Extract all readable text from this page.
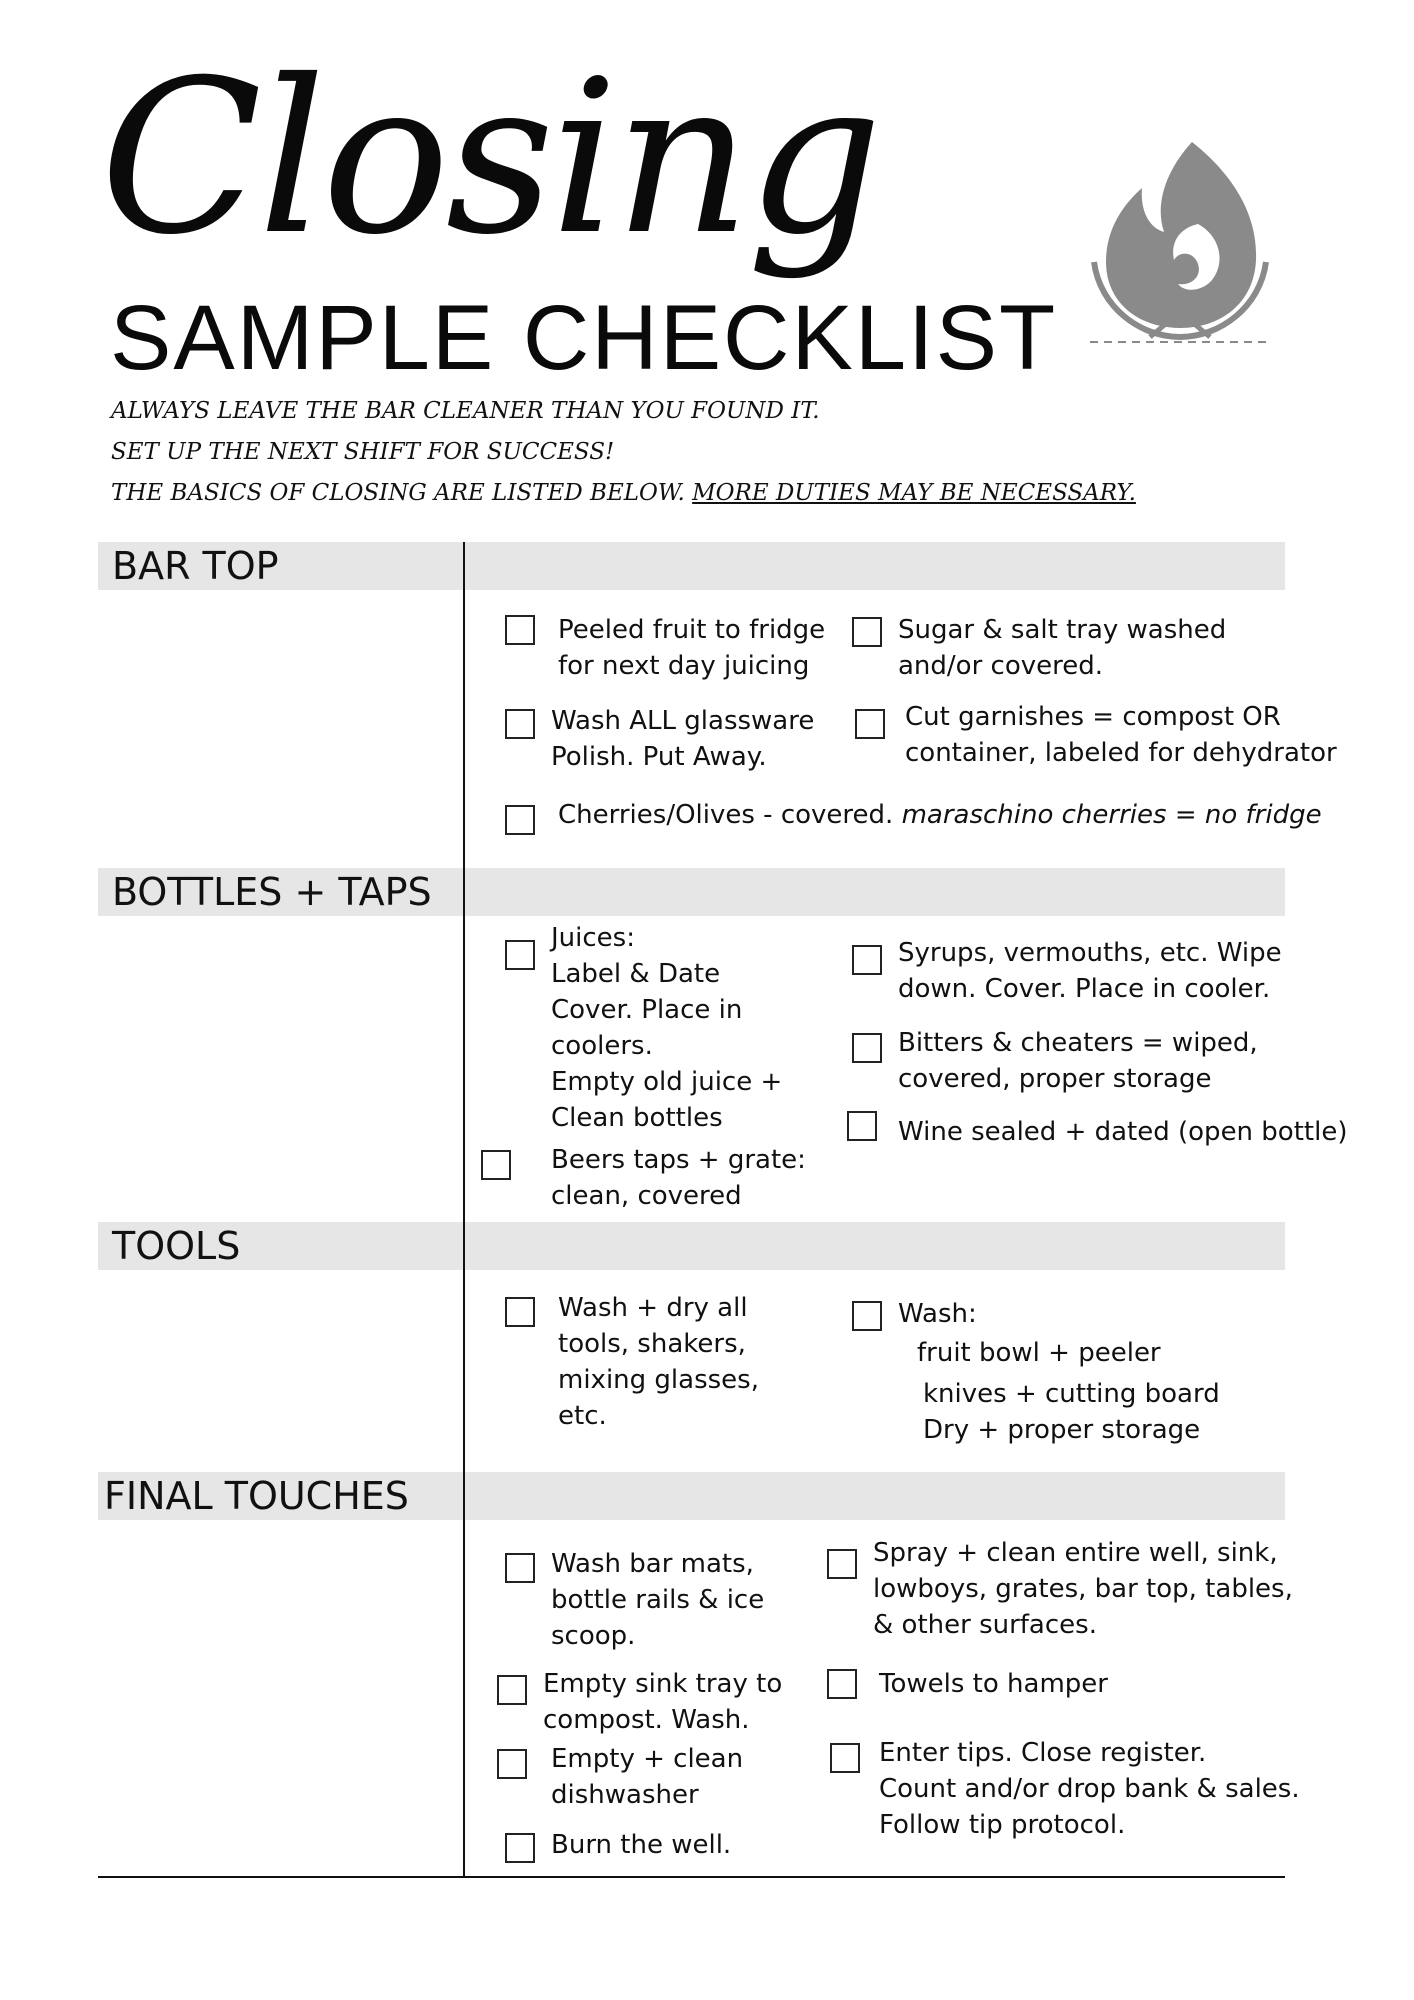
Closing
SAMPLE CHECKLIST
ALWAYS LEAVE THE BAR CLEANER THAN YOU FOUND IT.
SET UP THE NEXT SHIFT FOR SUCCESS!
THE BASICS OF CLOSING ARE LISTED BELOW. MORE DUTIES MAY BE NECESSARY.
BAR TOP
BOTTLES + TAPS
TOOLS
FINAL TOUCHES
Peeled fruit to fridge
for next day juicing
Sugar & salt tray washed
and/or covered.
Wash ALL glassware
Polish. Put Away.
Cut garnishes = compost OR
container, labeled for dehydrator
Cherries/Olives - covered. maraschino cherries = no fridge
Juices:
Label & Date
Cover. Place in
coolers.
Empty old juice +
Clean bottles
Beers taps + grate:
clean, covered
Syrups, vermouths, etc. Wipe
down. Cover. Place in cooler.
Bitters & cheaters = wiped,
covered, proper storage
Wine sealed + dated (open bottle)
Wash + dry all
tools, shakers,
mixing glasses,
etc.
Wash:
fruit bowl + peeler
knives + cutting board
Dry + proper storage
Wash bar mats,
bottle rails & ice
scoop.
Empty sink tray to
compost. Wash.
Empty + clean
dishwasher
Burn the well.
Spray + clean entire well, sink,
lowboys, grates, bar top, tables,
& other surfaces.
Towels to hamper
Enter tips. Close register.
Count and/or drop bank & sales.
Follow tip protocol.
